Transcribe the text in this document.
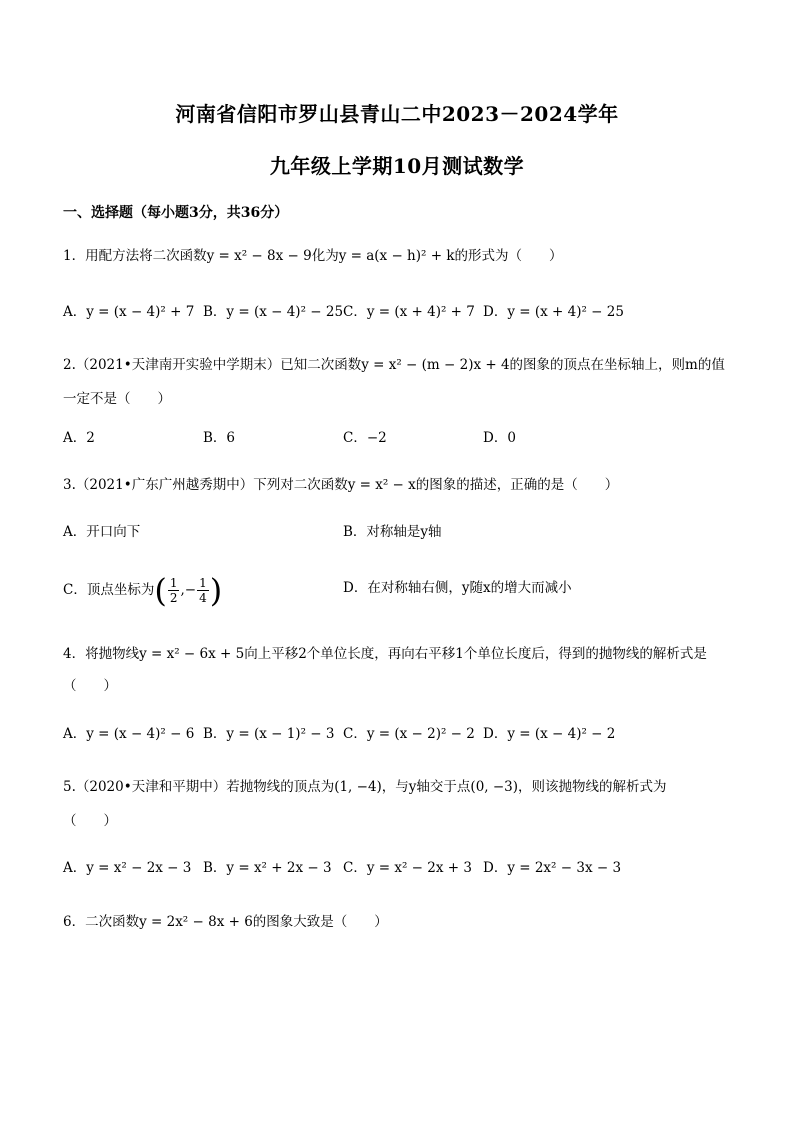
河南省信阳市罗山县青山二中2023－2024学年
九年级上学期10月测试数学
一、选择题（每小题3分，共36分）
1．用配方法将二次函数y = x² − 8x − 9化为y = a(x − h)² + k的形式为（　　）
A．y = (x − 4)² + 7 B．y = (x − 4)² − 25 C．y = (x + 4)² + 7 D．y = (x + 4)² − 25
2.（2021•天津南开实验中学期末）已知二次函数y = x² − (m − 2)x + 4的图象的顶点在坐标轴上，则m的值
一定不是（　　）
A．2	B．6	C．−2	D．0
3.（2021•广东广州越秀期中）下列对二次函数y = x² − x的图象的描述，正确的是（　　）
A．开口向下	B．对称轴是y轴
C．顶点坐标为( $\frac{1}{2}$ ,− $\frac{1}{4}$ )	D．在对称轴右侧，y随x的增大而减小
4．将抛物线y = x² − 6x + 5向上平移2个单位长度，再向右平移1个单位长度后，得到的抛物线的解析式是
（　　）
A．y = (x − 4)² − 6 B．y = (x − 1)² − 3 C．y = (x − 2)² − 2 D．y = (x − 4)² − 2
5.（2020•天津和平期中）若抛物线的顶点为(1, −4)，与y轴交于点(0, −3)，则该抛物线的解析式为
（　　）
A．y = x² − 2x − 3 B．y = x² + 2x − 3 C．y = x² − 2x + 3 D．y = 2x² − 3x − 3
6．二次函数y = 2x² − 8x + 6的图象大致是（　　）
